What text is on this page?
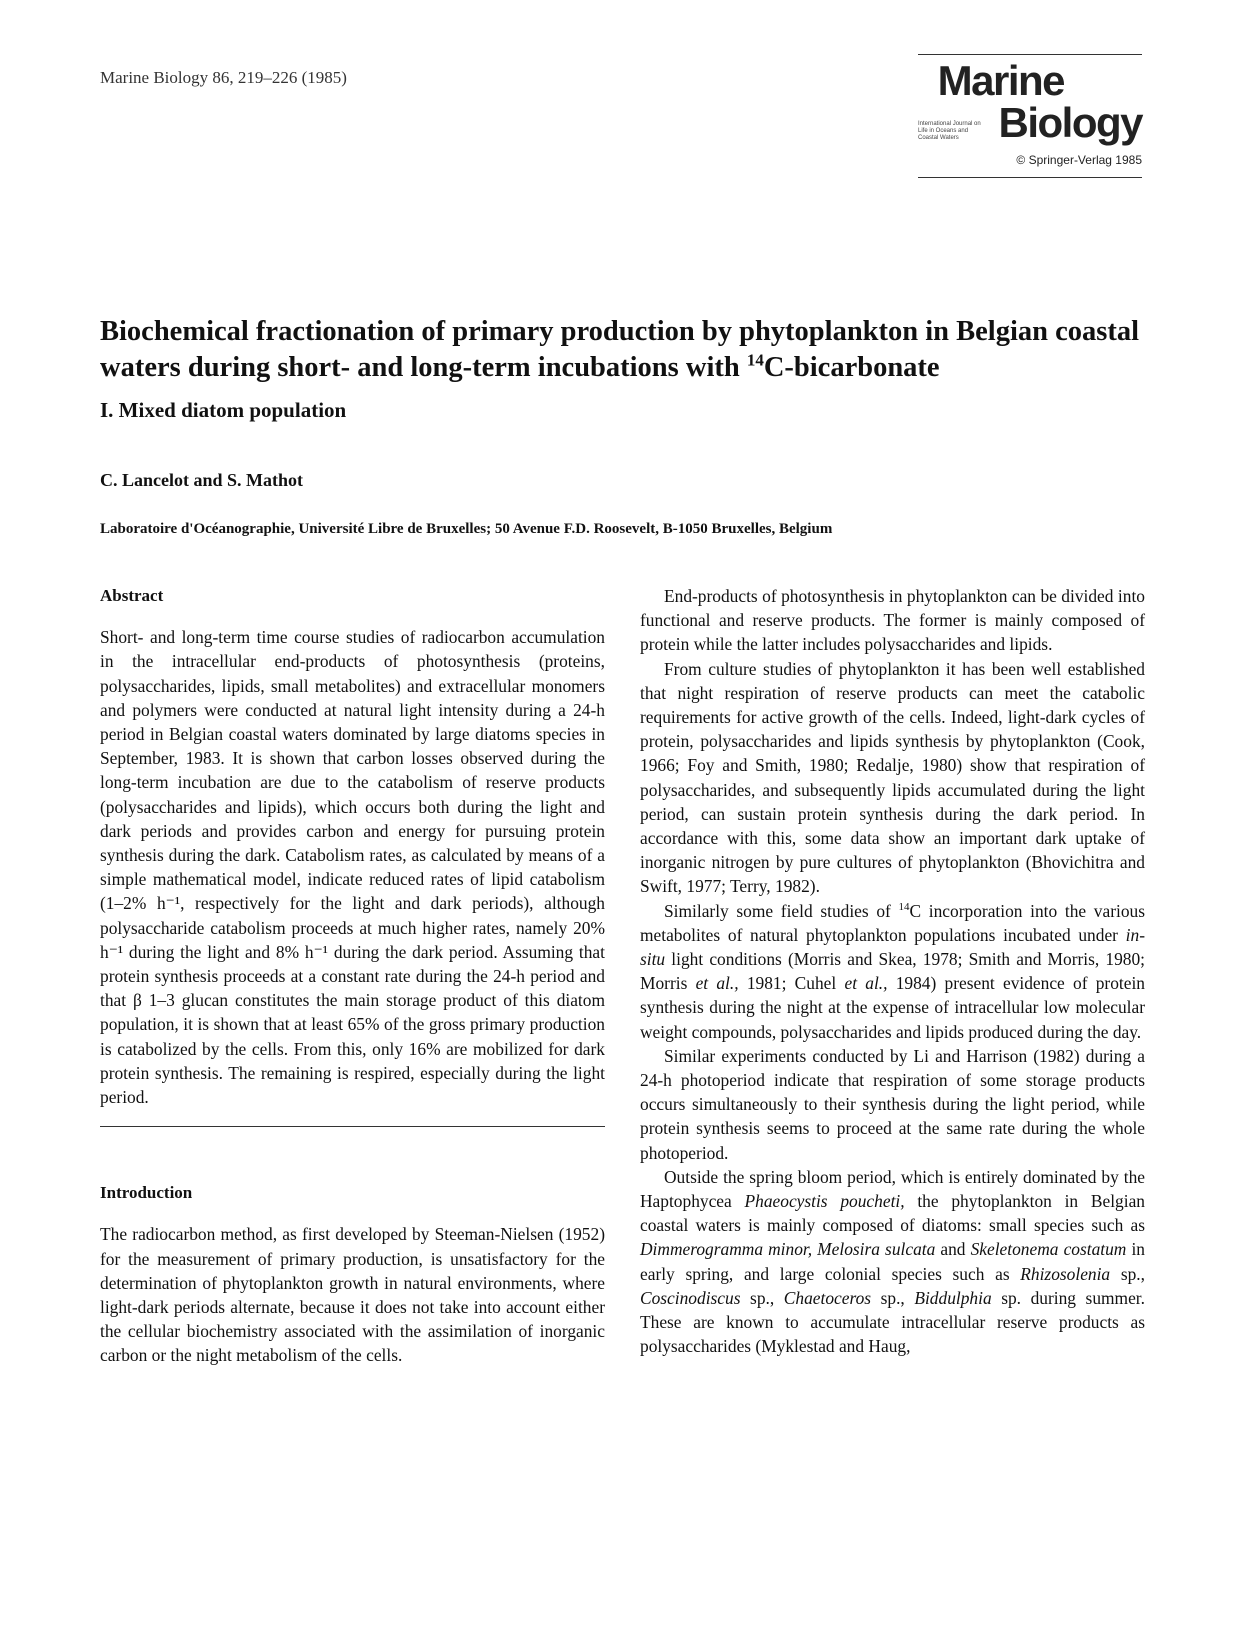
Marine Biology 86, 219–226 (1985)	Marine
International Journal on Life in Oceans and Coastal Waters Biology
© Springer-Verlag 1985
Biochemical fractionation of primary production by phytoplankton in Belgian coastal waters during short- and long-term incubations with $^{14}$C-bicarbonate
I. Mixed diatom population
C. Lancelot and S. Mathot
Laboratoire d'Océanographie, Université Libre de Bruxelles; 50 Avenue F.D. Roosevelt, B-1050 Bruxelles, Belgium
Abstract
Short- and long-term time course studies of radiocarbon accumulation in the intracellular end-products of photosynthesis (proteins, polysaccharides, lipids, small metabolites) and extracellular monomers and polymers were conducted at natural light intensity during a 24-h period in Belgian coastal waters dominated by large diatoms species in September, 1983. It is shown that carbon losses observed during the long-term incubation are due to the catabolism of reserve products (polysaccharides and lipids), which occurs both during the light and dark periods and provides carbon and energy for pursuing protein synthesis during the dark. Catabolism rates, as calculated by means of a simple mathematical model, indicate reduced rates of lipid catabolism (1–2% h⁻¹, respectively for the light and dark periods), although polysaccharide catabolism proceeds at much higher rates, namely 20% h⁻¹ during the light and 8% h⁻¹ during the dark period. Assuming that protein synthesis proceeds at a constant rate during the 24-h period and that β 1–3 glucan constitutes the main storage product of this diatom population, it is shown that at least 65% of the gross primary production is catabolized by the cells. From this, only 16% are mobilized for dark protein synthesis. The remaining is respired, especially during the light period.
Introduction
The radiocarbon method, as first developed by Steeman-Nielsen (1952) for the measurement of primary production, is unsatisfactory for the determination of phytoplankton growth in natural environments, where light-dark periods alternate, because it does not take into account either the cellular biochemistry associated with the assimilation of inorganic carbon or the night metabolism of the cells.

End-products of photosynthesis in phytoplankton can be divided into functional and reserve products. The former is mainly composed of protein while the latter includes polysaccharides and lipids.

From culture studies of phytoplankton it has been well established that night respiration of reserve products can meet the catabolic requirements for active growth of the cells. Indeed, light-dark cycles of protein, polysaccharides and lipids synthesis by phytoplankton (Cook, 1966; Foy and Smith, 1980; Redalje, 1980) show that respiration of polysaccharides, and subsequently lipids accumulated during the light period, can sustain protein synthesis during the dark period. In accordance with this, some data show an important dark uptake of inorganic nitrogen by pure cultures of phytoplankton (Bhovichitra and Swift, 1977; Terry, 1982).

Similarly some field studies of $^{14}$C incorporation into the various metabolites of natural phytoplankton populations incubated under in-situ light conditions (Morris and Skea, 1978; Smith and Morris, 1980; Morris et al., 1981; Cuhel et al., 1984) present evidence of protein synthesis during the night at the expense of intracellular low molecular weight compounds, polysaccharides and lipids produced during the day.

Similar experiments conducted by Li and Harrison (1982) during a 24-h photoperiod indicate that respiration of some storage products occurs simultaneously to their synthesis during the light period, while protein synthesis seems to proceed at the same rate during the whole photoperiod.

Outside the spring bloom period, which is entirely dominated by the Haptophycea Phaeocystis poucheti, the phytoplankton in Belgian coastal waters is mainly composed of diatoms: small species such as Dimmerogramma minor, Melosira sulcata and Skeletonema costatum in early spring, and large colonial species such as Rhizosolenia sp., Coscinodiscus sp., Chaetoceros sp., Biddulphia sp. during summer. These are known to accumulate intracellular reserve products as polysaccharides (Myklestad and Haug,
